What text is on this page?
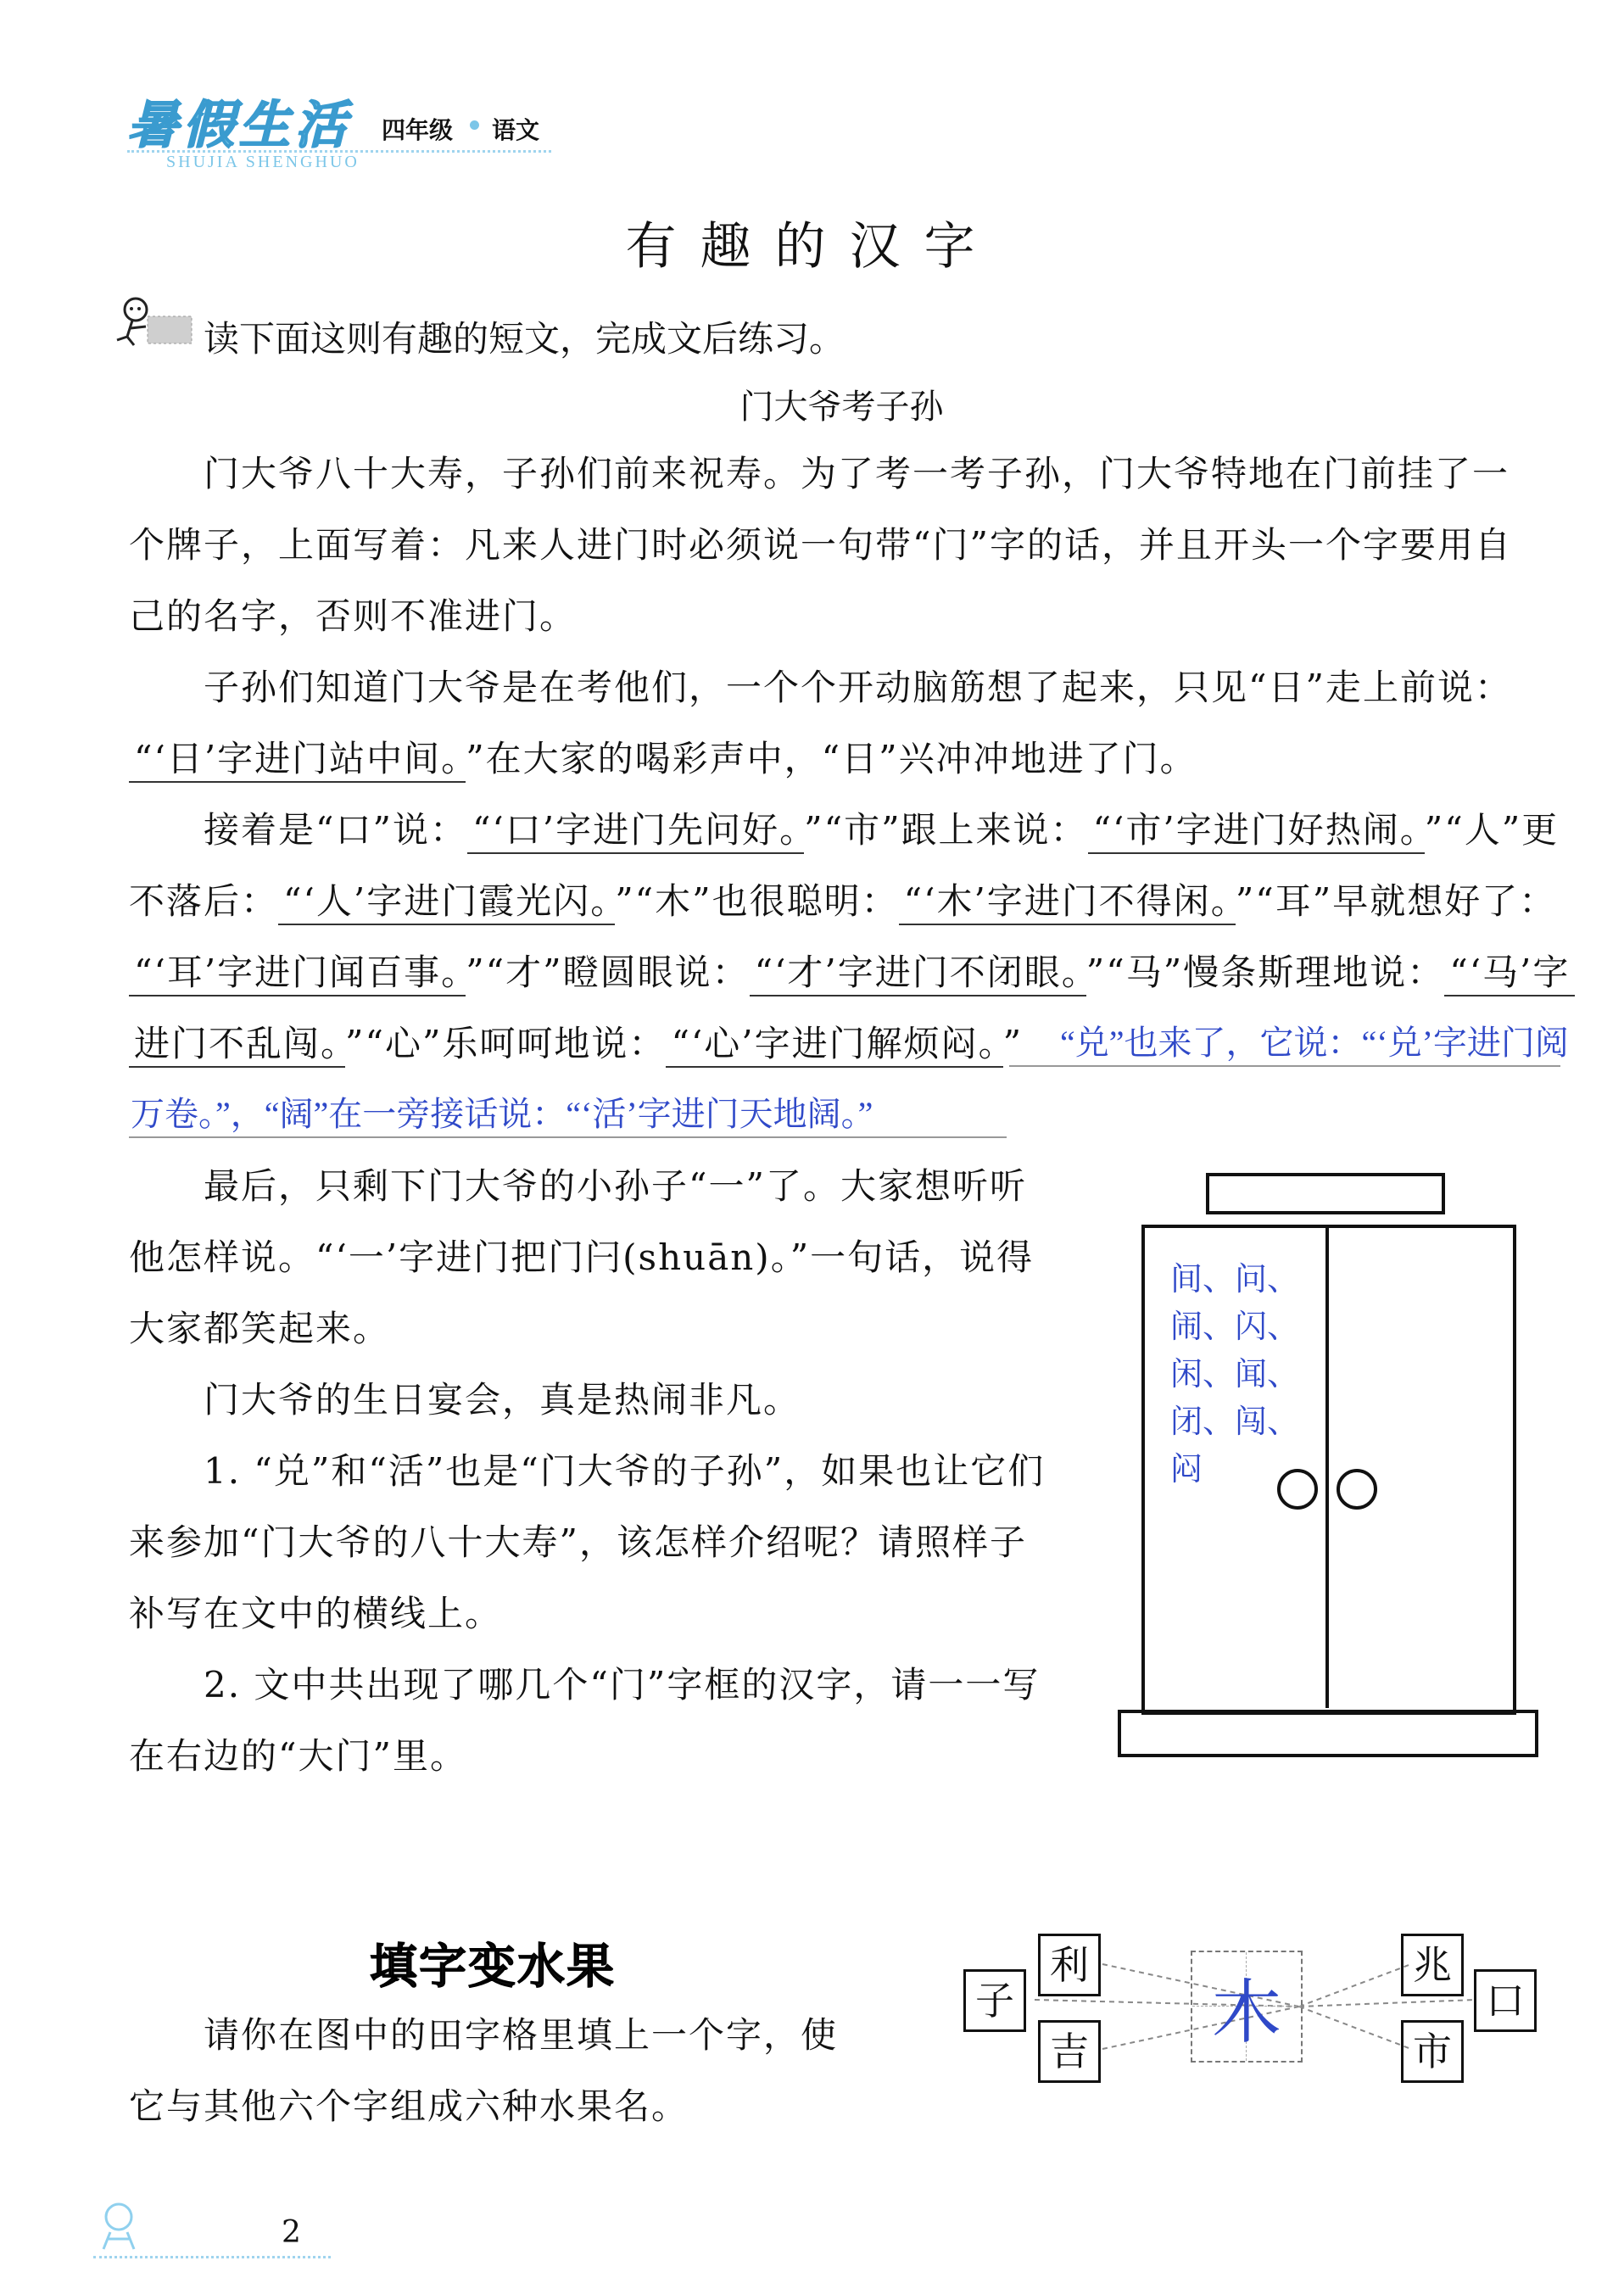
暑假生活
SHUJIA SHENGHUO
四年级 语文
有趣的汉字
读下面这则有趣的短文，完成文后练习。
门大爷考子孙
门大爷八十大寿，子孙们前来祝寿。为了考一考子孙，门大爷特地在门前挂了一
个牌子，上面写着：凡来人进门时必须说一句带“门”字的话，并且开头一个字要用自
己的名字，否则不准进门。
子孙们知道门大爷是在考他们，一个个开动脑筋想了起来，只见“日”走上前说：
“‘日’字进门站中间。 ”在大家的喝彩声中，“日”兴冲冲地进了门。
接着是“口”说： “‘口’字进门先问好。 ”“市”跟上来说： “‘市’字进门好热闹。 ”“人”更
不落后： “‘人’字进门霞光闪。 ”“木”也很聪明： “‘木’字进门不得闲。 ”“耳”早就想好了：
“‘耳’字进门闻百事。 ”“才”瞪圆眼说： “‘才’字进门不闭眼。 ”“马”慢条斯理地说： “‘马’字
进门不乱闯。 ”“心”乐呵呵地说： “‘心’字进门解烦闷。 ” “兑”也来了，它说：“‘兑’字进门阅
万卷。”，“阔”在一旁接话说：“‘活’字进门天地阔。”
最后，只剩下门大爷的小孙子“一”了。大家想听听
他怎样说。“‘一’字进门把门闩(shuān)。”一句话，说得
大家都笑起来。
门大爷的生日宴会，真是热闹非凡。
1. “兑”和“活”也是“门大爷的子孙”，如果也让它们
来参加“门大爷的八十大寿”，该怎样介绍呢？请照样子
补写在文中的横线上。
2. 文中共出现了哪几个“门”字框的汉字，请一一写
在右边的“大门”里。
间、问、
闹、闪、
闲、闻、
闭、闯、
闷
填字变水果
请你在图中的田字格里填上一个字，使
它与其他六个字组成六种水果名。
子
利
吉 木
兆
口
市
2
